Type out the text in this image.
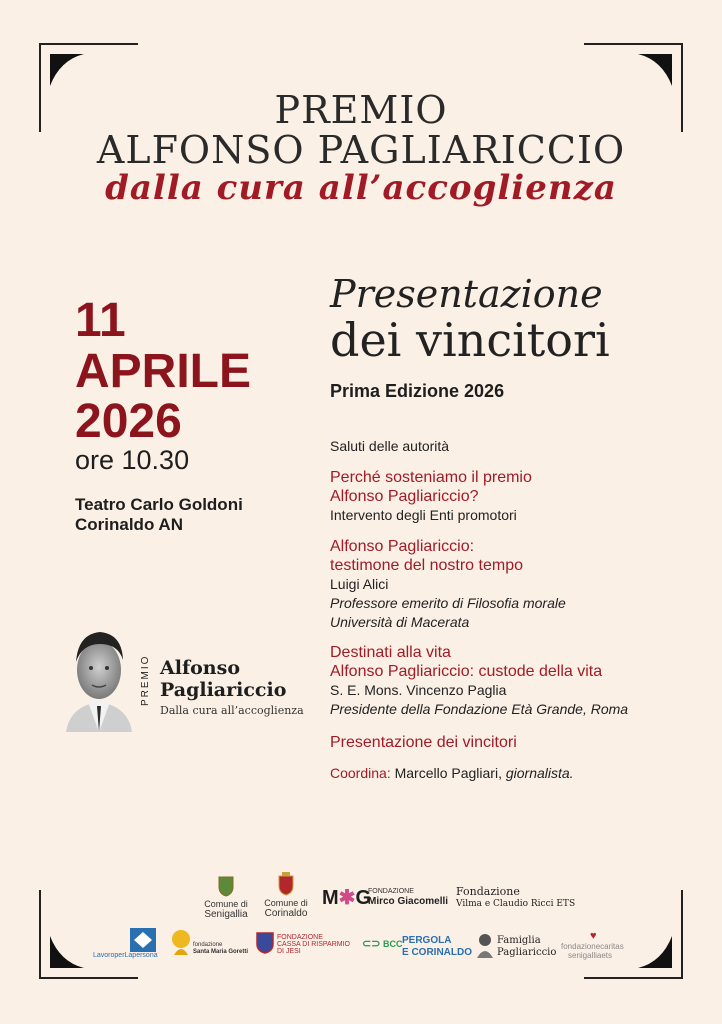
PREMIO
ALFONSO PAGLIARICCIO
dalla cura all’accoglienza
11
APRILE
2026
ore 10.30
Teatro Carlo Goldoni
Corinaldo AN
Presentazione
dei vincitori
Prima Edizione 2026
Saluti delle autorità
Perché sosteniamo il premio
Alfonso Pagliariccio?
Intervento degli Enti promotori
Alfonso Pagliariccio:
testimone del nostro tempo
Luigi Alici
Professore emerito di Filosofia morale
Università di Macerata
Destinati alla vita
Alfonso Pagliariccio: custode della vita
S. E. Mons. Vincenzo Paglia
Presidente della Fondazione Età Grande, Roma
Presentazione dei vincitori
Coordina: Marcello Pagliari, giornalista.
PREMIO Alfonso
Pagliariccio
Dalla cura all’accoglienza
Comune di
Senigallia
Comune di
Corinaldo
M✱G
FONDAZIONE
Mirco Giacomelli
Fondazione
Vilma e Claudio Ricci ETS
LavoroperLapersona
fondazione
Santa Maria Goretti
FONDAZIONE
CASSA DI RISPARMIO
DI JESI
⊂⊃ BCC PERGOLA
E CORINALDO
Famiglia
Pagliariccio
♥
fondazionecaritas
senigalliaets
